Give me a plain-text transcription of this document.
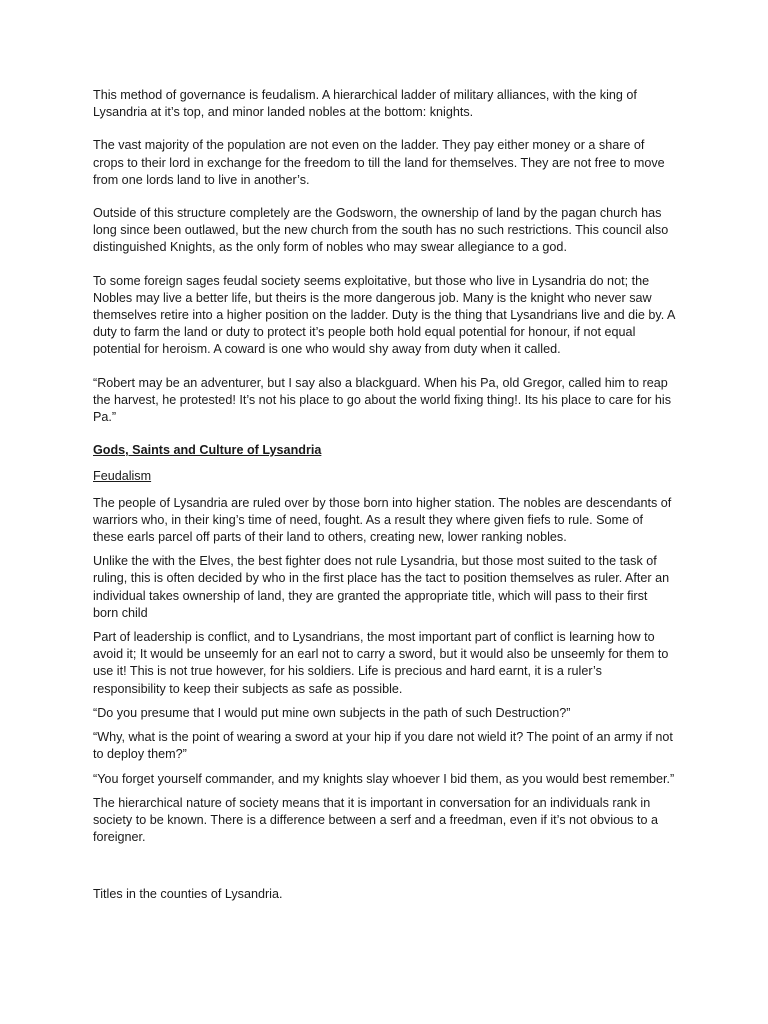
This method of governance is feudalism. A hierarchical ladder of military alliances, with the king of Lysandria at it’s top, and minor landed nobles at the bottom: knights.

The vast majority of the population are not even on the ladder. They pay either money or a share of crops to their lord in exchange for the freedom to till the land for themselves. They are not free to move from one lords land to live in another’s.

Outside of this structure completely are the Godsworn, the ownership of land by the pagan church has long since been outlawed, but the new church from the south has no such restrictions. This council also distinguished Knights, as the only form of nobles who may swear allegiance to a god.

To some foreign sages feudal society seems exploitative, but those who live in Lysandria do not; the Nobles may live a better life, but theirs is the more dangerous job. Many is the knight who never saw themselves retire into a higher position on the ladder. Duty is the thing that Lysandrians live and die by. A duty to farm the land or duty to protect it’s people both hold equal potential for honour, if not equal potential for heroism. A coward is one who would shy away from duty when it called.

“Robert may be an adventurer, but I say also a blackguard. When his Pa, old Gregor, called him to reap the harvest, he protested! It’s not his place to go about the world fixing thing!. Its his place to care for his Pa.”

Gods, Saints and Culture of Lysandria

Feudalism

The people of Lysandria are ruled over by those born into higher station. The nobles are descendants of warriors who, in their king’s time of need, fought. As a result they where given fiefs to rule. Some of these earls parcel off parts of their land to others, creating new, lower ranking nobles.

Unlike the with the Elves, the best fighter does not rule Lysandria, but those most suited to the task of ruling, this is often decided by who in the first place has the tact to position themselves as ruler. After an individual takes ownership of land, they are granted the appropriate title, which will pass to their first born child

Part of leadership is conflict, and to Lysandrians, the most important part of conflict is learning how to avoid it; It would be unseemly for an earl not to carry a sword, but it would also be unseemly for them to use it! This is not true however, for his soldiers. Life is precious and hard earnt, it is a ruler’s responsibility to keep their subjects as safe as possible.

“Do you presume that I would put mine own subjects in the path of such Destruction?”

“Why, what is the point of wearing a sword at your hip if you dare not wield it? The point of an army if not to deploy them?”

“You forget yourself commander, and my knights slay whoever I bid them, as you would best remember.”

The hierarchical nature of society means that it is important in conversation for an individuals rank in society to be known. There is a difference between a serf and a freedman, even if it’s not obvious to a foreigner.

Titles in the counties of Lysandria.
